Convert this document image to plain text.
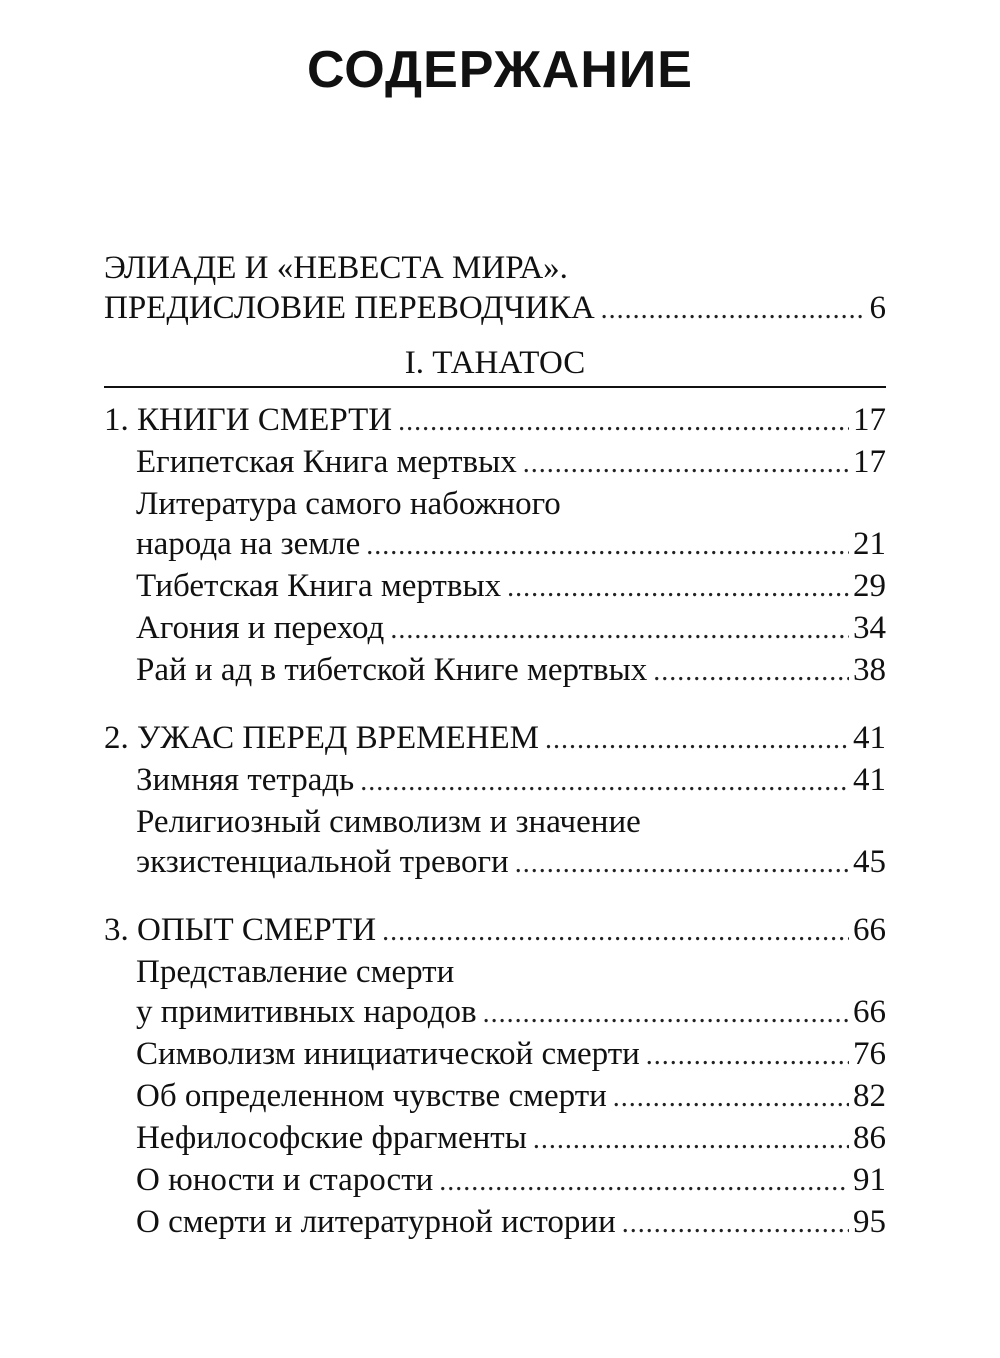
СОДЕРЖАНИЕ
ЭЛИАДЕ И «НЕВЕСТА МИРА».
ПРЕДИСЛОВИЕ ПЕРЕВОДЧИКА .....	6
I. ТАНАТОС
1. КНИГИ СМЕРТИ .....	17
Египетская Книга мертвых .....	17
Литература самого набожного
народа на земле .....	21
Тибетская Книга мертвых .....	29
Агония и переход .....	34
Рай и ад в тибетской Книге мертвых .....	38
2. УЖАС ПЕРЕД ВРЕМЕНЕМ .....	41
Зимняя тетрадь .....	41
Религиозный символизм и значение
экзистенциальной тревоги .....	45
3. ОПЫТ СМЕРТИ .....	66
Представление смерти
у примитивных народов .....	66
Символизм инициатической смерти .....	76
Об определенном чувстве смерти .....	82
Нефилософские фрагменты .....	86
О юности и старости .....	91
О смерти и литературной истории .....	95
